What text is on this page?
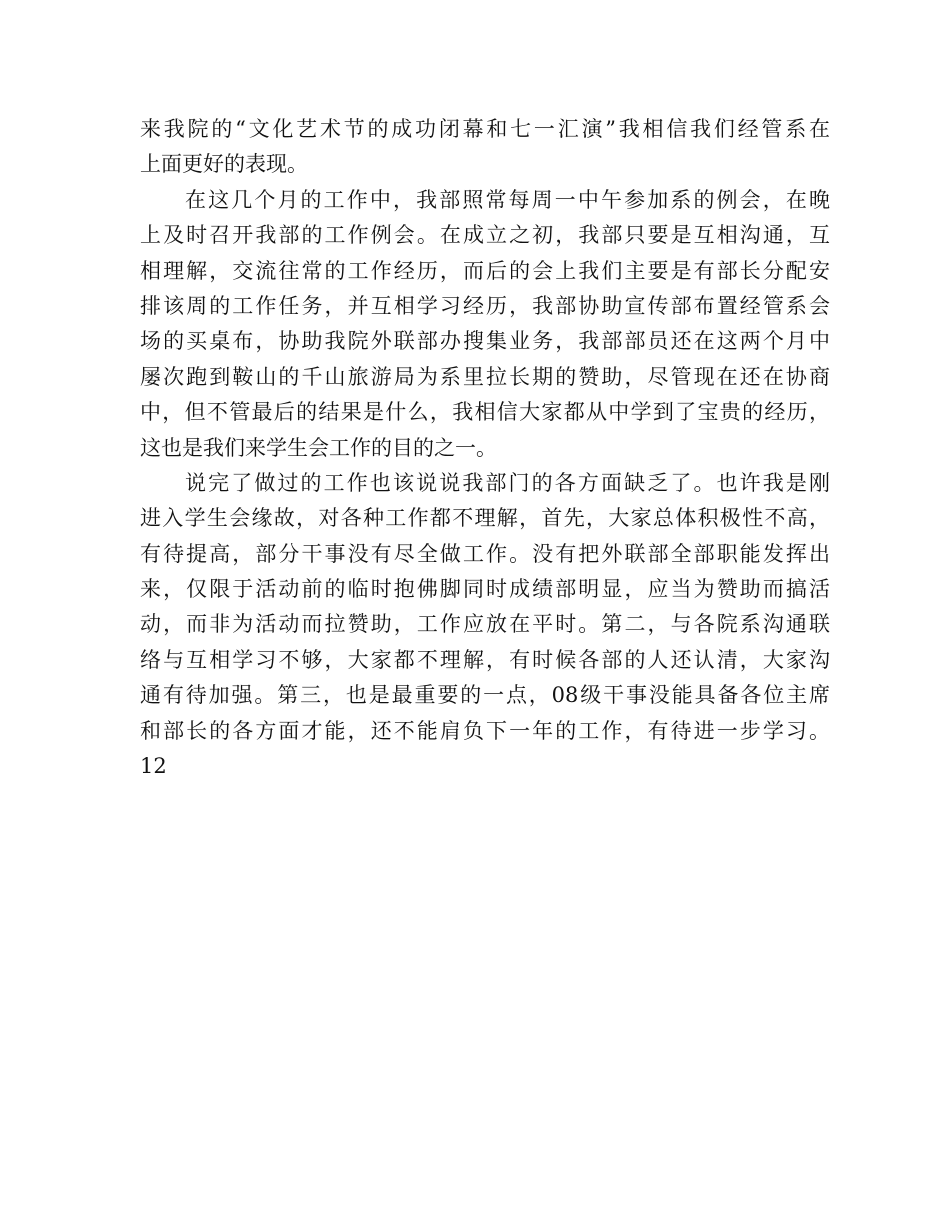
来我院的“文化艺术节的成功闭幕和七一汇演”我相信我们经管系在
上面更好的表现。
在这几个月的工作中，我部照常每周一中午参加系的例会，在晚
上及时召开我部的工作例会。在成立之初，我部只要是互相沟通，互
相理解，交流往常的工作经历，而后的会上我们主要是有部长分配安
排该周的工作任务，并互相学习经历，我部协助宣传部布置经管系会
场的买桌布，协助我院外联部办搜集业务，我部部员还在这两个月中
屡次跑到鞍山的千山旅游局为系里拉长期的赞助，尽管现在还在协商
中，但不管最后的结果是什么，我相信大家都从中学到了宝贵的经历，
这也是我们来学生会工作的目的之一。
说完了做过的工作也该说说我部门的各方面缺乏了。也许我是刚
进入学生会缘故，对各种工作都不理解，首先，大家总体积极性不高，
有待提高，部分干事没有尽全做工作。没有把外联部全部职能发挥出
来，仅限于活动前的临时抱佛脚同时成绩部明显，应当为赞助而搞活
动，而非为活动而拉赞助，工作应放在平时。第二，与各院系沟通联
络与互相学习不够，大家都不理解，有时候各部的人还认清，大家沟
通有待加强。第三，也是最重要的一点，08级干事没能具备各位主席
和部长的各方面才能，还不能肩负下一年的工作，有待进一步学习。
12
